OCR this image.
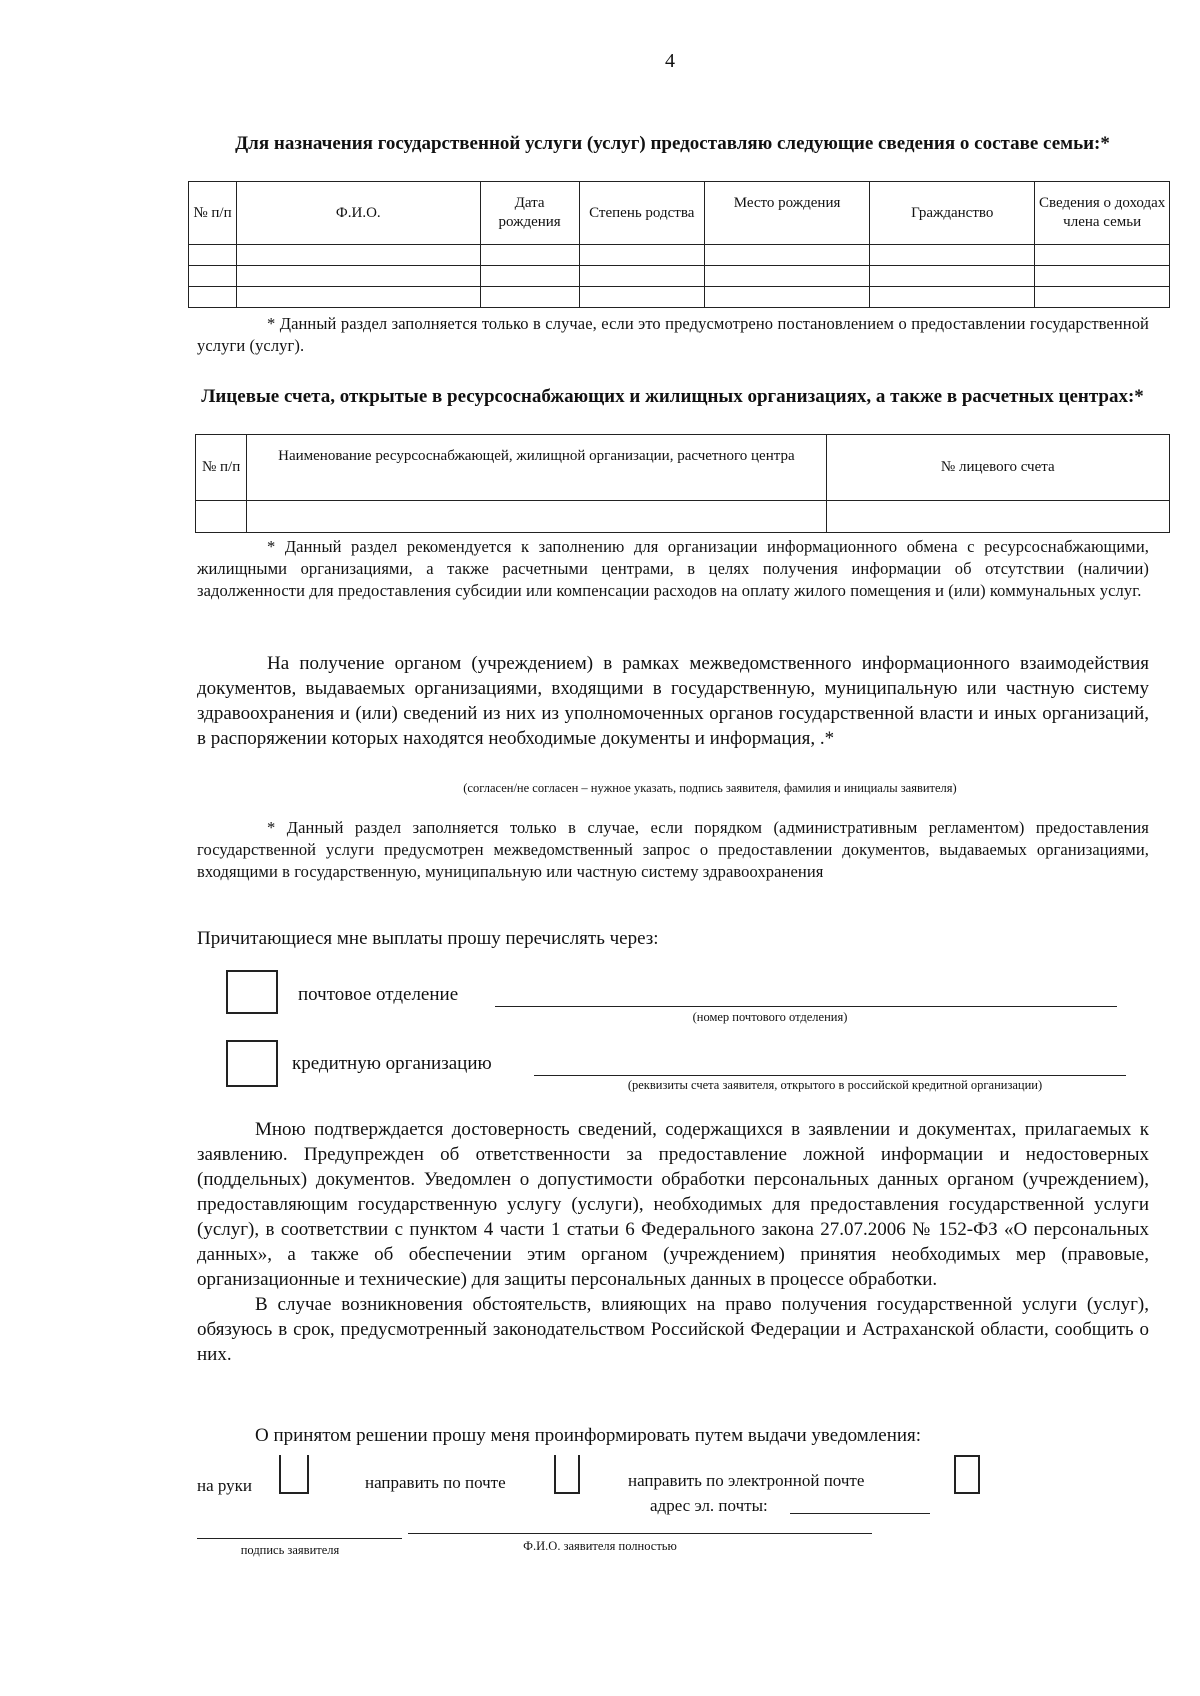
4
Для назначения государственной услуги (услуг) предоставляю следующие сведения о составе семьи:*
№ п/п	Ф.И.О.	Дата рождения	Степень родства	Место рождения	Гражданство	Сведения о доходах члена семьи

* Данный раздел заполняется только в случае, если это предусмотрено постановлением о предоставлении государственной услуги (услуг).
Лицевые счета, открытые в ресурсоснабжающих и жилищных организациях, а также в расчетных центрах:*
№ п/п	Наименование ресурсоснабжающей, жилищной организации, расчетного центра	№ лицевого счета

* Данный раздел рекомендуется к заполнению для организации информационного обмена с ресурсоснабжающими, жилищными организациями, а также расчетными центрами, в целях получения информации об отсутствии (наличии) задолженности для предоставления субсидии или компенсации расходов на оплату жилого помещения и (или) коммунальных услуг.
На получение органом (учреждением) в рамках межведомственного информационного взаимодействия документов, выдаваемых организациями, входящими в государственную, муниципальную или частную систему здравоохранения и (или) сведений из них из уполномоченных органов государственной власти и иных организаций, в распоряжении которых находятся необходимые документы и информация, .*
(согласен/не согласен – нужное указать, подпись заявителя, фамилия и инициалы заявителя)
* Данный раздел заполняется только в случае, если порядком (административным регламентом) предоставления государственной услуги предусмотрен межведомственный запрос о предоставлении документов, выдаваемых организациями, входящими в государственную, муниципальную или частную систему здравоохранения
Причитающиеся мне выплаты прошу перечислять через:
почтовое отделение
(номер почтового отделения)
кредитную организацию
(реквизиты счета заявителя, открытого в российской кредитной организации)

Мною подтверждается достоверность сведений, содержащихся в заявлении и документах, прилагаемых к заявлению. Предупрежден об ответственности за предоставление ложной информации и недостоверных (поддельных) документов. Уведомлен о допустимости обработки персональных данных органом (учреждением), предоставляющим государственную услугу (услуги), необходимых для предоставления государственной услуги (услуг), в соответствии с пунктом 4 части 1 статьи 6 Федерального закона 27.07.2006 № 152-ФЗ «О персональных данных», а также об обеспечении этим органом (учреждением) принятия необходимых мер (правовые, организационные и технические) для защиты персональных данных в процессе обработки.

В случае возникновения обстоятельств, влияющих на право получения государственной услуги (услуг), обязуюсь в срок, предусмотренный законодательством Российской Федерации и Астраханской области, сообщить о них.

О принятом решении прошу меня проинформировать путем выдачи уведомления:
на руки	направить по почте	направить по электронной почте
адрес эл. почты:
подпись заявителя	Ф.И.О. заявителя полностью
